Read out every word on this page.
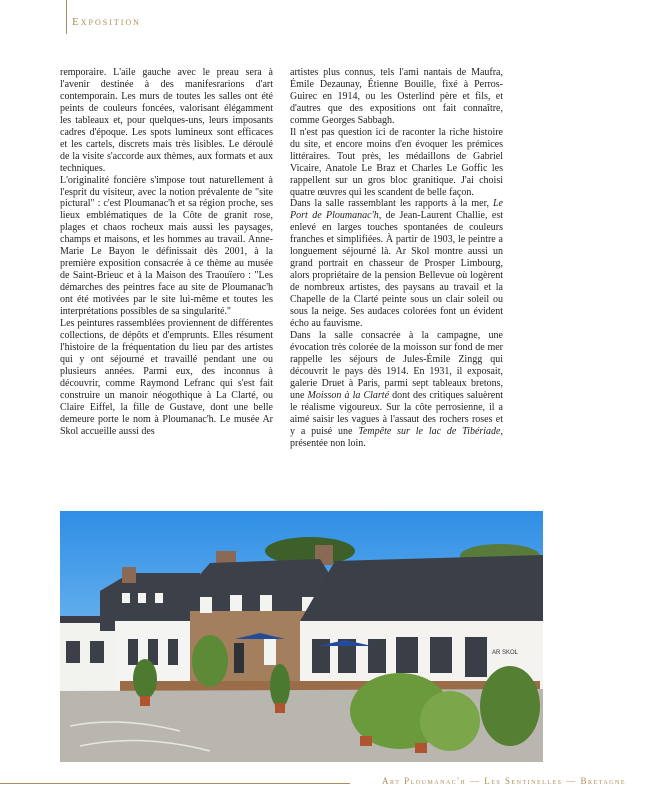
Exposition

remporaire. L'aile gauche avec le preau sera à l'avenir destinée à des manifesrarions d'art contemporain. Les murs de toutes les salles ont été peints de couleurs foncées, valorisant élégamment les tableaux et, pour quelques-uns, leurs imposants cadres d'époque. Les spots lumineux sont efficaces et les cartels, discrets mais très lisibles. Le déroulé de la visite s'accorde aux thèmes, aux formats et aux techniques.

L'originalité foncière s'impose tout naturellement à l'esprit du visiteur, avec la notion prévalente de "site pictural" : c'est Ploumanac'h et sa région proche, ses lieux emblématiques de la Côte de granit rose, plages et chaos rocheux mais aussi les paysages, champs et maisons, et les hommes au travail. Anne-Marie Le Bayon le définissait dès 2001, à la première exposition consacrée à ce thème au musée de Saint-Brieuc et à la Maison des Traouïero : "Les démarches des peintres face au site de Ploumanac'h ont été motivées par le site lui-même et toutes les interprétations possibles de sa singularité."

Les peintures rassemblées proviennent de différentes collections, de dépôts et d'emprunts. Elles résument l'histoire de la fréquentation du lieu par des artistes qui y ont séjourné et travaillé pendant une ou plusieurs années. Parmi eux, des inconnus à découvrir, comme Raymond Lefranc qui s'est fait construire un manoir néogothique à La Clarté, ou Claire Eiffel, la fille de Gustave, dont une belle demeure porte le nom à Ploumanac'h. Le musée Ar Skol accueille aussi des

artistes plus connus, tels l'ami nantais de Maufra, Émile Dezaunay, Étienne Bouille, fixé à Perros-Guirec en 1914, ou les Osterlind père et fils, et d'autres que des expositions ont fait connaître, comme Georges Sabbagh.

Il n'est pas question ici de raconter la riche histoire du site, et encore moins d'en évoquer les prémices littéraires. Tout près, les médaillons de Gabriel Vicaire, Anatole Le Braz et Charles Le Goffic les rappellent sur un gros bloc granitique. J'ai choisi quatre œuvres qui les scandent de belle façon.

Dans la salle rassemblant les rapports à la mer, Le Port de Ploumanac'h, de Jean-Laurent Challie, est enlevé en larges touches spontanées de couleurs franches et simplifiées. À partir de 1903, le peintre a longuement séjourné là. Ar Skol montre aussi un grand portrait en chasseur de Prosper Limbourg, alors propriétaire de la pension Bellevue où logèrent de nombreux artistes, des paysans au travail et la Chapelle de la Clarté peinte sous un clair soleil ou sous la neige. Ses audaces colorées font un évident écho au fauvisme.

Dans la salle consacrée à la campagne, une évocation très colorée de la moisson sur fond de mer rappelle les séjours de Jules-Émile Zingg qui découvrit le pays dès 1914. En 1931, il exposait, galerie Druet à Paris, parmi sept tableaux bretons, une Moisson à la Clarté dont des critiques saluèrent le réalisme vigoureux. Sur la côte perrosienne, il a aimé saisir les vagues à l'assaut des rochers roses et y a puisé une Tempête sur le lac de Tibériade, présentée non loin.

AR SKOL
Art Ploumanac'h — Les Sentinelles — Bretagne
